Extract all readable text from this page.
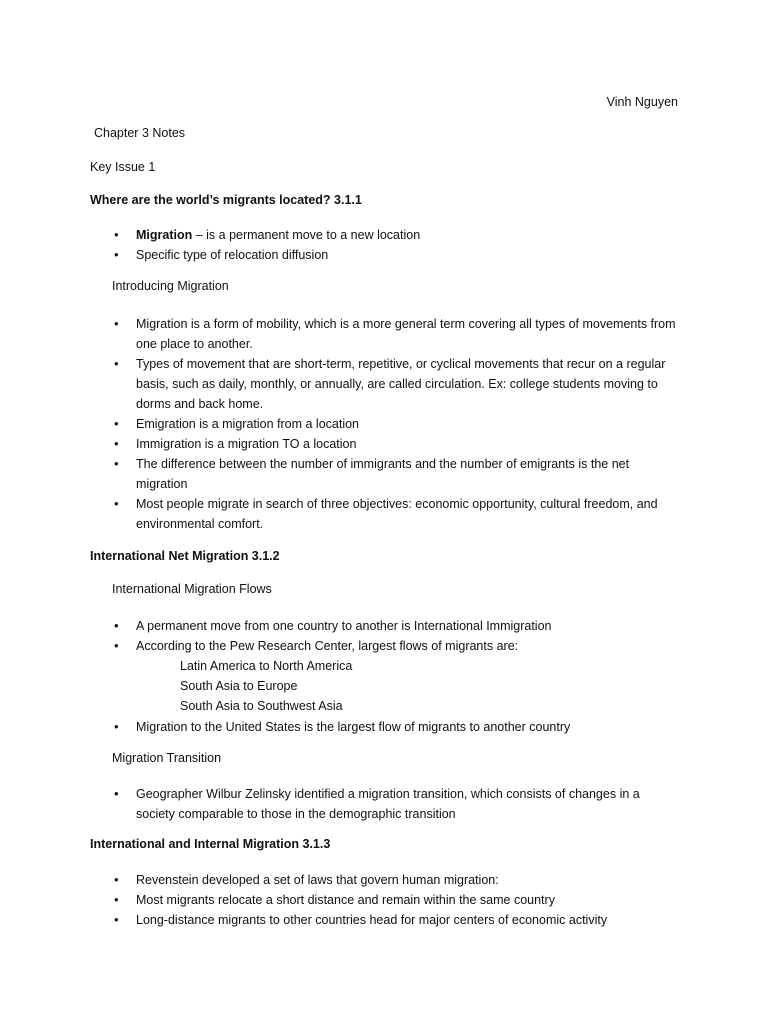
Vinh Nguyen
Chapter 3 Notes
Key Issue 1
Where are the world’s migrants located? 3.1.1
• Migration – is a permanent move to a new location
• Specific type of relocation diffusion
Introducing Migration
• Migration is a form of mobility, which is a more general term covering all types of movements from one place to another.
• Types of movement that are short-term, repetitive, or cyclical movements that recur on a regular basis, such as daily, monthly, or annually, are called circulation. Ex: college students moving to dorms and back home.
• Emigration is a migration from a location
• Immigration is a migration TO a location
• The difference between the number of immigrants and the number of emigrants is the net migration
• Most people migrate in search of three objectives: economic opportunity, cultural freedom, and environmental comfort.
International Net Migration 3.1.2
International Migration Flows
• A permanent move from one country to another is International Immigration
• According to the Pew Research Center, largest flows of migrants are:
Latin America to North America
South Asia to Europe
South Asia to Southwest Asia
• Migration to the United States is the largest flow of migrants to another country
Migration Transition
• Geographer Wilbur Zelinsky identified a migration transition, which consists of changes in a society comparable to those in the demographic transition
International and Internal Migration 3.1.3
• Revenstein developed a set of laws that govern human migration:
• Most migrants relocate a short distance and remain within the same country
• Long-distance migrants to other countries head for major centers of economic activity
